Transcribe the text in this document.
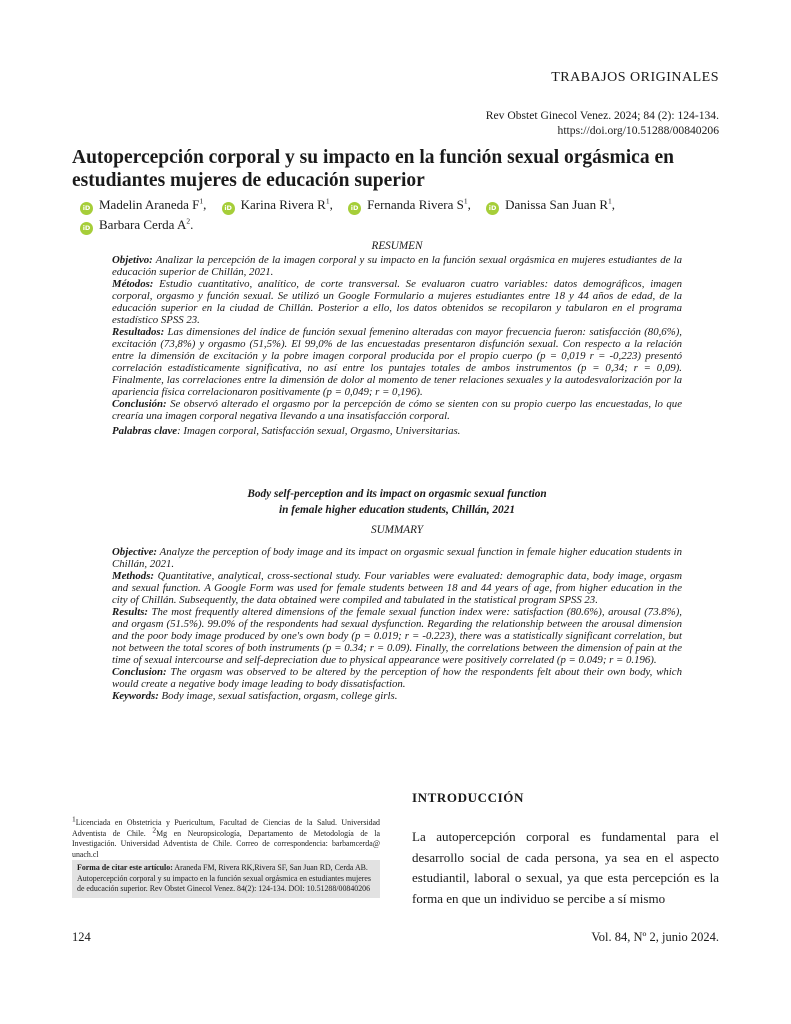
TRABAJOS ORIGINALES
Rev Obstet Ginecol Venez. 2024; 84 (2): 124-134.
https://doi.org/10.51288/00840206
Autopercepción corporal y su impacto en la función sexual orgásmica en estudiantes mujeres de educación superior
iD Madelin Araneda $F^1$,	iD Karina Rivera $R^1$,	iD Fernanda Rivera $S^1$,	iD Danissa San Juan $R^1$, iD Barbara Cerda $A^2$.
RESUMEN

Objetivo: Analizar la percepción de la imagen corporal y su impacto en la función sexual orgásmica en mujeres estudiantes de la educación superior de Chillán, 2021.

Métodos: Estudio cuantitativo, analítico, de corte transversal. Se evaluaron cuatro variables: datos demográficos, imagen corporal, orgasmo y función sexual. Se utilizó un Google Formulario a mujeres estudiantes entre 18 y 44 años de edad, de la educación superior en la ciudad de Chillán. Posterior a ello, los datos obtenidos se recopilaron y tabularon en el programa estadístico SPSS 23.

Resultados: Las dimensiones del índice de función sexual femenino alteradas con mayor frecuencia fueron: satisfacción (80,6%), excitación (73,8%) y orgasmo (51,5%). El 99,0% de las encuestadas presentaron disfunción sexual. Con respecto a la relación entre la dimensión de excitación y la pobre imagen corporal producida por el propio cuerpo (p = 0,019 r = -0,223) presentó correlación estadísticamente significativa, no así entre los puntajes totales de ambos instrumentos (p = 0,34; r = 0,09). Finalmente, las correlaciones entre la dimensión de dolor al momento de tener relaciones sexuales y la autodesvalorización por la apariencia física correlacionaron positivamente (p = 0,049; r = 0,196).

Conclusión: Se observó alterado el orgasmo por la percepción de cómo se sienten con su propio cuerpo las encuestadas, lo que crearía una imagen corporal negativa llevando a una insatisfacción corporal.

Palabras clave: Imagen corporal, Satisfacción sexual, Orgasmo, Universitarias.

Body self-perception and its impact on orgasmic sexual function
in female higher education students, Chillán, 2021
SUMMARY

Objective: Analyze the perception of body image and its impact on orgasmic sexual function in female higher education students in Chillán, 2021.

Methods: Quantitative, analytical, cross-sectional study. Four variables were evaluated: demographic data, body image, orgasm and sexual function. A Google Form was used for female students between 18 and 44 years of age, from higher education in the city of Chillán. Subsequently, the data obtained were compiled and tabulated in the statistical program SPSS 23.

Results: The most frequently altered dimensions of the female sexual function index were: satisfaction (80.6%), arousal (73.8%), and orgasm (51.5%). 99.0% of the respondents had sexual dysfunction. Regarding the relationship between the arousal dimension and the poor body image produced by one's own body (p = 0.019; r = -0.223), there was a statistically significant correlation, but not between the total scores of both instruments (p = 0.34; r = 0.09). Finally, the correlations between the dimension of pain at the time of sexual intercourse and self-depreciation due to physical appearance were positively correlated (p = 0.049; r = 0.196).

Conclusion: The orgasm was observed to be altered by the perception of how the respondents felt about their own body, which would create a negative body image leading to body dissatisfaction.

Keywords: Body image, sexual satisfaction, orgasm, college girls.

$^1$Licenciada en Obstetricia y Puericultum, Facultad de Ciencias de la Salud. Universidad Adventista de Chile. $^2$Mg en Neuropsicología, Departamento de Metodología de la Investigación. Universidad Adventista de Chile. Correo de correspondencia: barbamcerda@ unach.cl
Forma de citar este artículo: Araneda FM, Rivera RK,Rivera SF, San Juan RD, Cerda AB. Autopercepción corporal y su impacto en la función sexual orgásmica en estudiantes mujeres de educación superior. Rev Obstet Ginecol Venez. 84(2): 124-134. DOI: 10.51288/00840206
INTRODUCCIÓN
La autopercepción corporal es fundamental para el desarrollo social de cada persona, ya sea en el aspecto estudiantil, laboral o sexual, ya que esta percepción es la forma en que un individuo se percibe a sí mismo
124	Vol. 84, Nº 2, junio 2024.
